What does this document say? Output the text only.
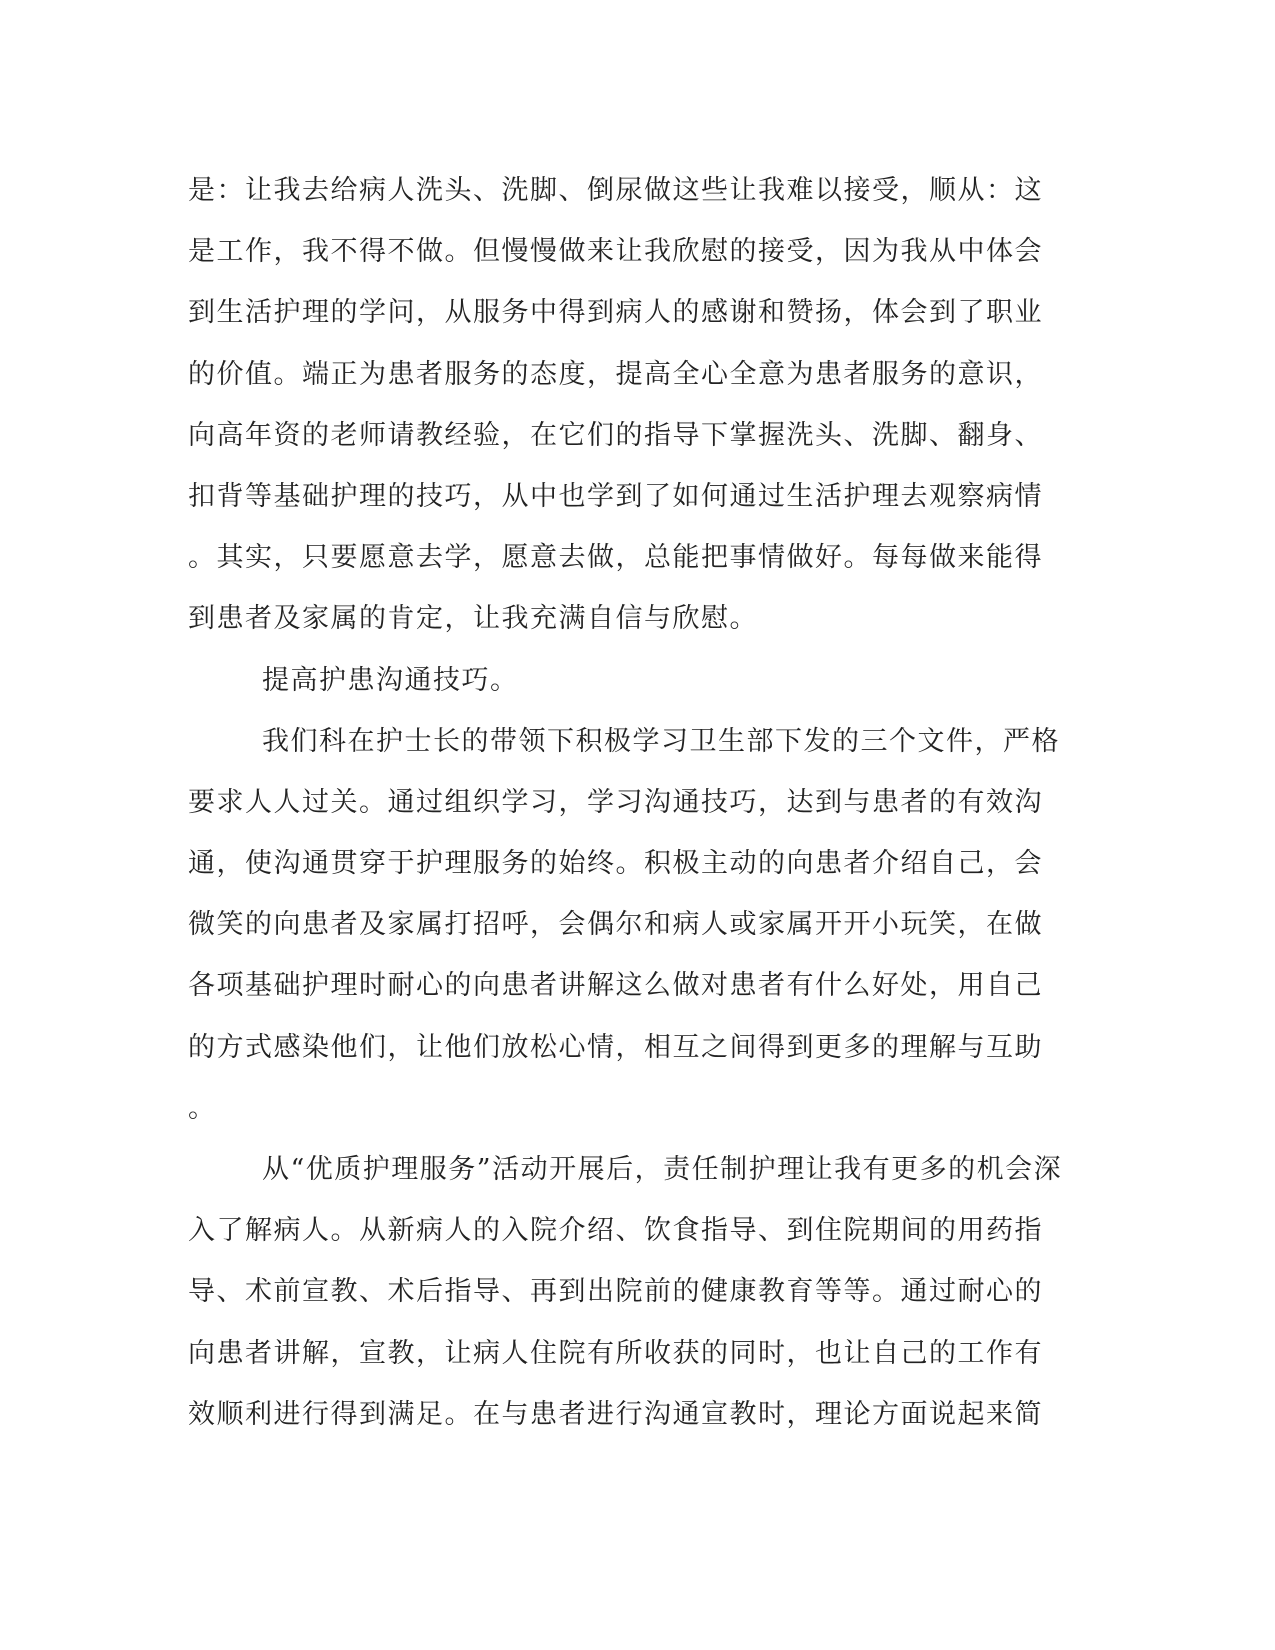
是：让我去给病人洗头、洗脚、倒尿做这些让我难以接受，顺从：这
是工作，我不得不做。但慢慢做来让我欣慰的接受，因为我从中体会
到生活护理的学问，从服务中得到病人的感谢和赞扬，体会到了职业
的价值。端正为患者服务的态度，提高全心全意为患者服务的意识，
向高年资的老师请教经验，在它们的指导下掌握洗头、洗脚、翻身、
扣背等基础护理的技巧，从中也学到了如何通过生活护理去观察病情
。其实，只要愿意去学，愿意去做，总能把事情做好。每每做来能得
到患者及家属的肯定，让我充满自信与欣慰。
提高护患沟通技巧。
我们科在护士长的带领下积极学习卫生部下发的三个文件，严格
要求人人过关。通过组织学习，学习沟通技巧，达到与患者的有效沟
通，使沟通贯穿于护理服务的始终。积极主动的向患者介绍自己，会
微笑的向患者及家属打招呼，会偶尔和病人或家属开开小玩笑，在做
各项基础护理时耐心的向患者讲解这么做对患者有什么好处，用自己
的方式感染他们，让他们放松心情，相互之间得到更多的理解与互助
。
从“优质护理服务”活动开展后，责任制护理让我有更多的机会深
入了解病人。从新病人的入院介绍、饮食指导、到住院期间的用药指
导、术前宣教、术后指导、再到出院前的健康教育等等。通过耐心的
向患者讲解，宣教，让病人住院有所收获的同时，也让自己的工作有
效顺利进行得到满足。在与患者进行沟通宣教时，理论方面说起来简
